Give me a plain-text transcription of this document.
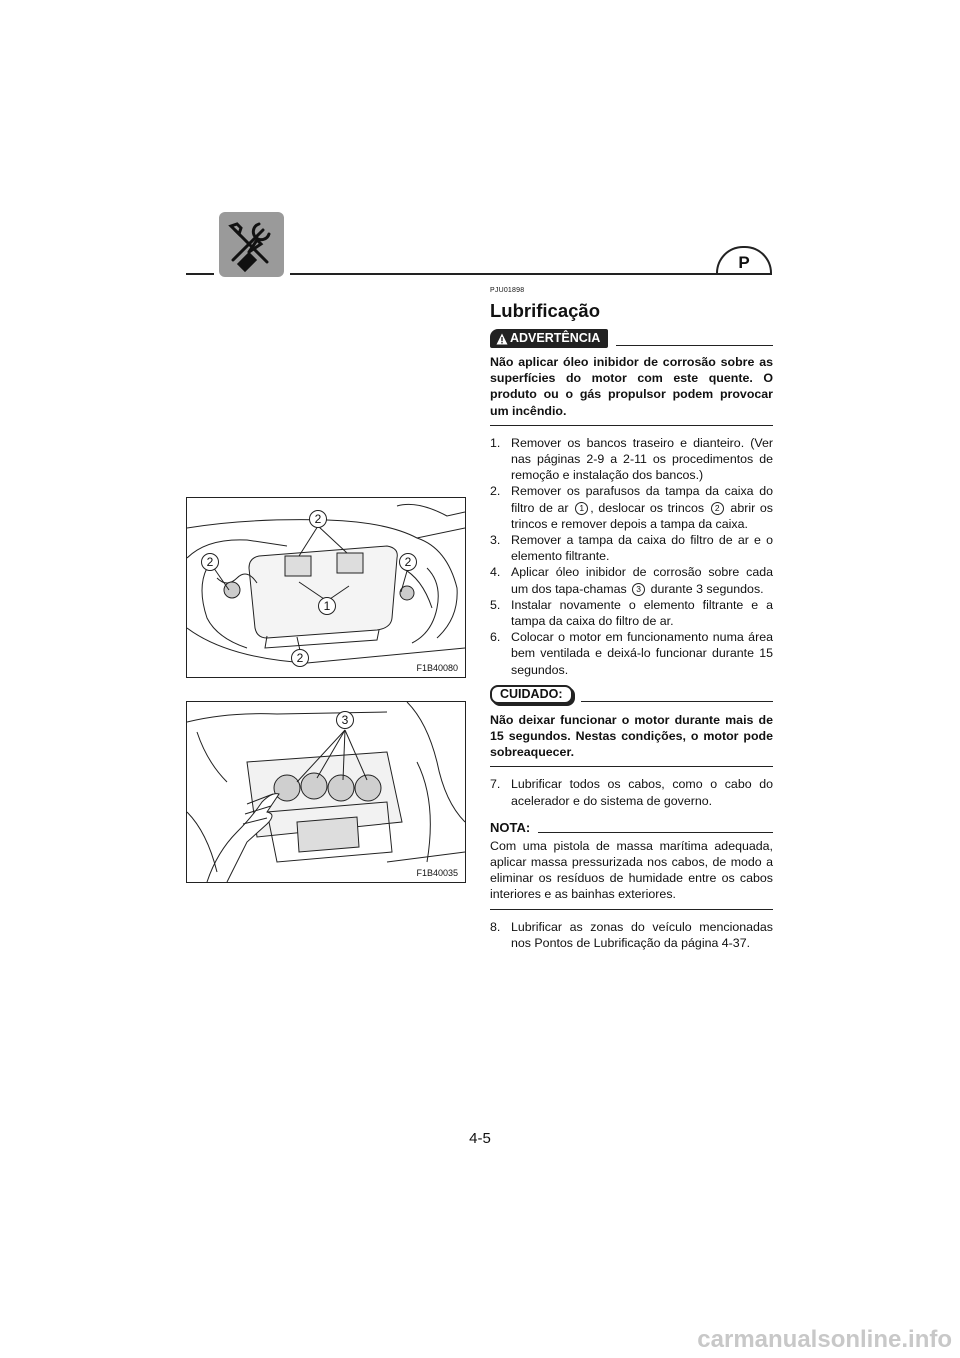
P
2
2	2
1
2
F1B40080
3
F1B40035
PJU01898
Lubrificação
ADVERTÊNCIA
Não aplicar óleo inibidor de corrosão sobre as superfícies do motor com este quente. O produto ou o gás propulsor podem provocar um incêndio.
1. Remover os bancos traseiro e dianteiro. (Ver nas páginas 2-9 a 2-11 os procedimentos de remoção e instalação dos bancos.)
2. Remover os parafusos da tampa da caixa do filtro de ar 1 , deslocar os trincos 2 abrir os trincos e remover depois a tampa da caixa.
3. Remover a tampa da caixa do filtro de ar e o elemento filtrante.
4. Aplicar óleo inibidor de corrosão sobre cada um dos tapa-chamas 3 durante 3 segundos.
5. Instalar novamente o elemento filtrante e a tampa da caixa do filtro de ar.
6. Colocar o motor em funcionamento numa área bem ventilada e deixá-lo funcionar durante 15 segundos.
CUIDADO:
Não deixar funcionar o motor durante mais de 15 segundos. Nestas condições, o motor pode sobreaquecer.
7. Lubrificar todos os cabos, como o cabo do acelerador e do sistema de governo.
NOTA:
Com uma pistola de massa marítima adequada, aplicar massa pressurizada nos cabos, de modo a eliminar os resíduos de humidade entre os cabos interiores e as bainhas exteriores.
8. Lubrificar as zonas do veículo mencionadas nos Pontos de Lubrificação da página 4-37.
4-5
carmanualsonline.info
